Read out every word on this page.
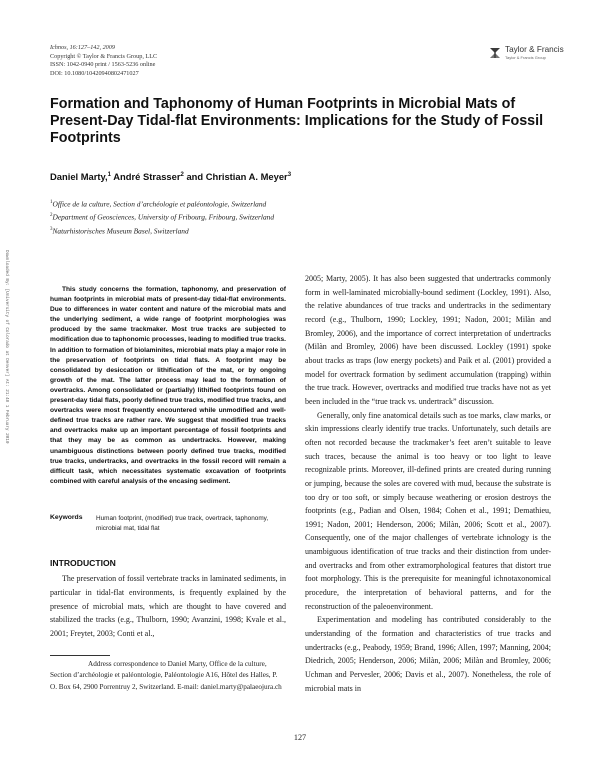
Ichnos, 16:127–142, 2009
Copyright © Taylor & Francis Group, LLC
ISSN: 1042-0940 print / 1563-5236 online
DOI: 10.1080/10420940802471027
Taylor & Francis
Taylor & Francis Group
Formation and Taphonomy of Human Footprints in Microbial Mats of Present-Day Tidal-flat Environments: Implications for the Study of Fossil Footprints
Daniel Marty,$^1$ André Strasser$^2$ and Christian A. Meyer$^3$
$^1$Office de la culture, Section d’archéologie et paléontologie, Switzerland
$^2$Department of Geosciences, University of Fribourg, Fribourg, Switzerland
$^3$Naturhistorisches Museum Basel, Switzerland
Downloaded By: [University of Colorado at Denver] At: 21:48 1 February 2010	This study concerns the formation, taphonomy, and preservation of human footprints in microbial mats of present-day tidal-flat environments. Due to differences in water content and nature of the microbial mats and the underlying sediment, a wide range of footprint morphologies was produced by the same trackmaker. Most true tracks are subjected to modification due to taphonomic processes, leading to modified true tracks. In addition to formation of biolaminites, microbial mats play a major role in the preservation of footprints on tidal flats. A footprint may be consolidated by desiccation or lithification of the mat, or by ongoing growth of the mat. The latter process may lead to the formation of overtracks. Among consolidated or (partially) lithified footprints found on present-day tidal flats, poorly defined true tracks, modified true tracks, and overtracks were most frequently encountered while unmodified and well-defined true tracks are rather rare. We suggest that modified true tracks and overtracks make up an important percentage of fossil footprints and that they may be as common as undertracks. However, making unambiguous distinctions between poorly defined true tracks, modified true tracks, undertracks, and overtracks in the fossil record will remain a difficult task, which necessitates systematic excavation of footprints combined with careful analysis of the encasing sediment.
Keywords Human footprint, (modified) true track, overtrack, taphonomy, microbial mat, tidal flat
INTRODUCTION
The preservation of fossil vertebrate tracks in laminated sediments, in particular in tidal-flat environments, is frequently explained by the presence of microbial mats, which are thought to have covered and stabilized the tracks (e.g., Thulborn, 1990; Avanzini, 1998; Kvale et al., 2001; Freytet, 2003; Conti et al.,
Address correspondence to Daniel Marty, Office de la culture, Section d’archéologie et paléontologie, Paléontologie A16, Hôtel des Halles, P. O. Box 64, 2900 Porrentruy 2, Switzerland. E-mail: daniel.marty@palaeojura.ch

2005; Marty, 2005). It has also been suggested that undertracks commonly form in well-laminated microbially-bound sediment (Lockley, 1991). Also, the relative abundances of true tracks and undertracks in the sedimentary record (e.g., Thulborn, 1990; Lockley, 1991; Nadon, 2001; Milàn and Bromley, 2006), and the importance of correct interpretation of undertracks (Milàn and Bromley, 2006) have been discussed. Lockley (1991) spoke about tracks as traps (low energy pockets) and Paik et al. (2001) provided a model for overtrack formation by sediment accumulation (trapping) within the true track. However, overtracks and modified true tracks have not as yet been included in the “true track vs. undertrack” discussion.

Generally, only fine anatomical details such as toe marks, claw marks, or skin impressions clearly identify true tracks. Unfortunately, such details are often not recorded because the trackmaker’s feet aren’t suitable to leave such traces, because the animal is too heavy or too light to leave recognizable prints. Moreover, ill-defined prints are created during running or jumping, because the soles are covered with mud, because the substrate is too dry or too soft, or simply because weathering or erosion destroys the footprints (e.g., Padian and Olsen, 1984; Cohen et al., 1991; Demathieu, 1991; Nadon, 2001; Henderson, 2006; Milàn, 2006; Scott et al., 2007). Consequently, one of the major challenges of vertebrate ichnology is the unambiguous identification of true tracks and their distinction from under- and overtracks and from other extramorphological features that distort true foot morphology. This is the prerequisite for meaningful ichnotaxonomical procedure, the interpretation of behavioral patterns, and for the reconstruction of the paleoenvironment.

Experimentation and modeling has contributed considerably to the understanding of the formation and characteristics of true tracks and undertracks (e.g., Peabody, 1959; Brand, 1996; Allen, 1997; Manning, 2004; Diedrich, 2005; Henderson, 2006; Milàn, 2006; Milàn and Bromley, 2006; Uchman and Pervesler, 2006; Davis et al., 2007). Nonetheless, the role of microbial mats in

127
